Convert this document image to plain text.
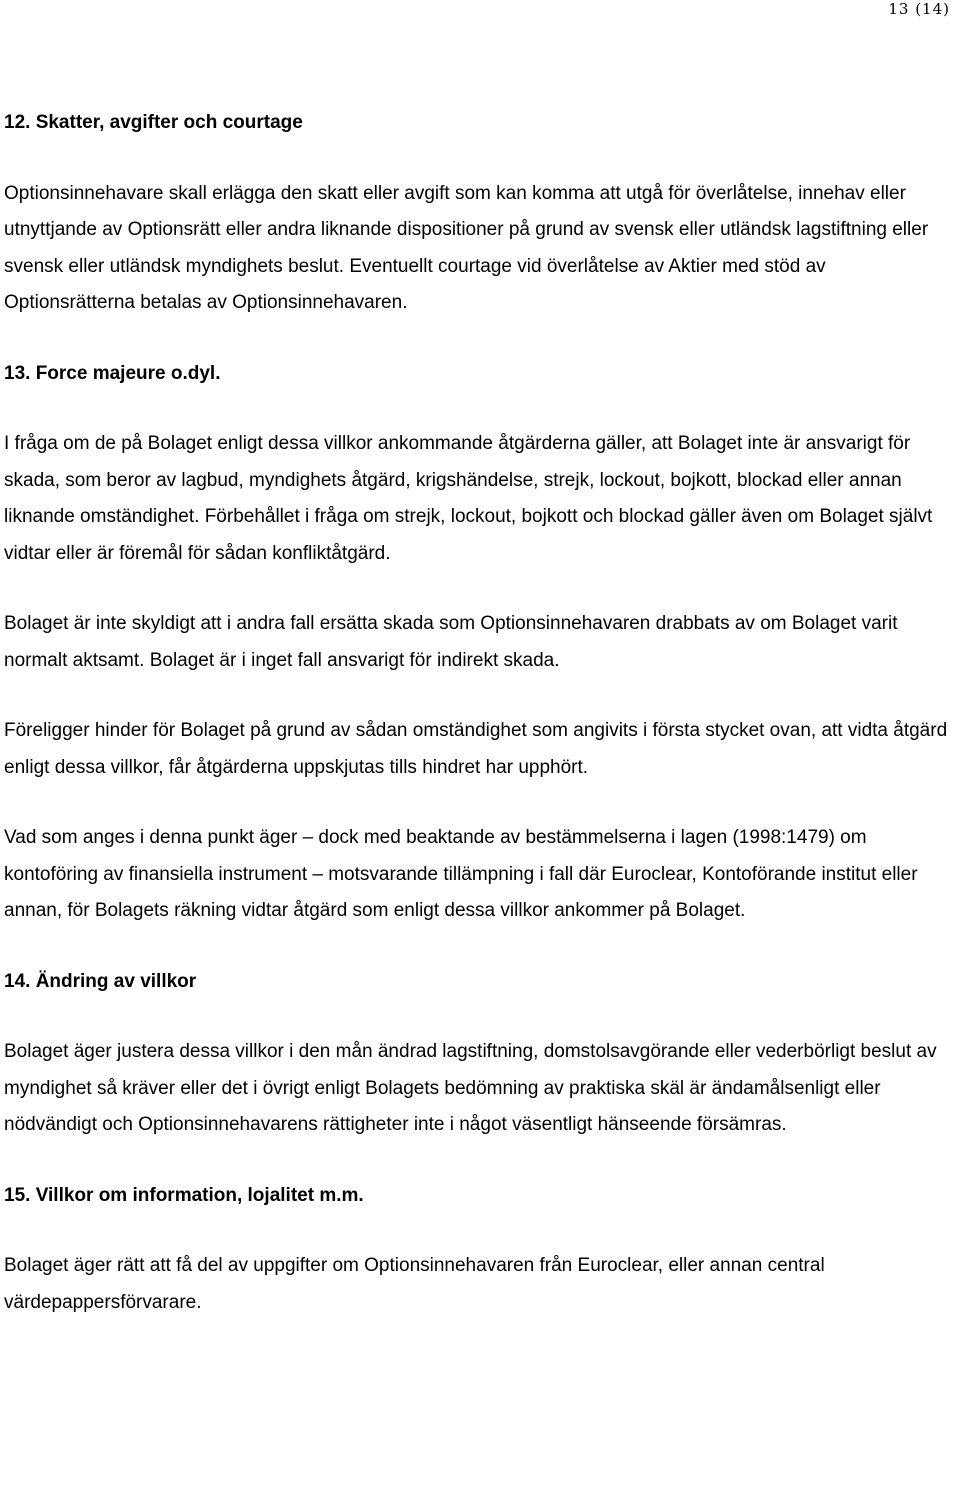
13 (14)
12. Skatter, avgifter och courtage
Optionsinnehavare skall erlägga den skatt eller avgift som kan komma att utgå för överlåtelse, innehav eller utnyttjande av Optionsrätt eller andra liknande dispositioner på grund av svensk eller utländsk lagstiftning eller svensk eller utländsk myndighets beslut. Eventuellt courtage vid överlåtelse av Aktier med stöd av Optionsrätterna betalas av Optionsinnehavaren.
13. Force majeure o.dyl.
I fråga om de på Bolaget enligt dessa villkor ankommande åtgärderna gäller, att Bolaget inte är ansvarigt för skada, som beror av lagbud, myndighets åtgärd, krigshändelse, strejk, lockout, bojkott, blockad eller annan liknande omständighet. Förbehållet i fråga om strejk, lockout, bojkott och blockad gäller även om Bolaget självt vidtar eller är föremål för sådan konfliktåtgärd.
Bolaget är inte skyldigt att i andra fall ersätta skada som Optionsinnehavaren drabbats av om Bolaget varit normalt aktsamt. Bolaget är i inget fall ansvarigt för indirekt skada.
Föreligger hinder för Bolaget på grund av sådan omständighet som angivits i första stycket ovan, att vidta åtgärd enligt dessa villkor, får åtgärderna uppskjutas tills hindret har upphört.
Vad som anges i denna punkt äger – dock med beaktande av bestämmelserna i lagen (1998:1479) om kontoföring av finansiella instrument – motsvarande tillämpning i fall där Euroclear, Kontoförande institut eller annan, för Bolagets räkning vidtar åtgärd som enligt dessa villkor ankommer på Bolaget.
14. Ändring av villkor
Bolaget äger justera dessa villkor i den mån ändrad lagstiftning, domstolsavgörande eller vederbörligt beslut av myndighet så kräver eller det i övrigt enligt Bolagets bedömning av praktiska skäl är ändamålsenligt eller nödvändigt och Optionsinnehavarens rättigheter inte i något väsentligt hänseende försämras.
15. Villkor om information, lojalitet m.m.
Bolaget äger rätt att få del av uppgifter om Optionsinnehavaren från Euroclear, eller annan central värdepappersförvarare.
